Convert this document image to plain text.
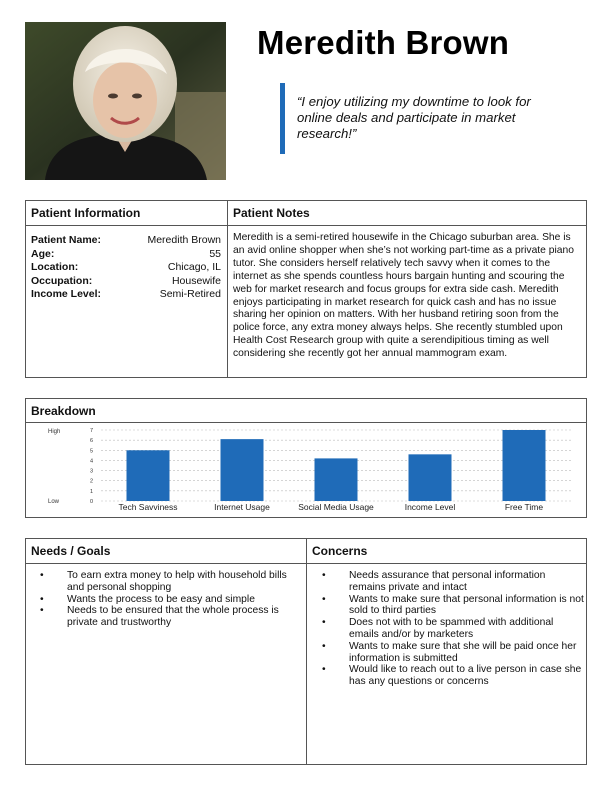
Meredith Brown
“I enjoy utilizing my downtime to look for online deals and participate in market research!”
Patient Information	Patient Notes
Patient Name:	Meredith Brown
Age:	55
Location:	Chicago, IL
Occupation:	Housewife
Income Level:	Semi-Retired
Meredith is a semi-retired housewife in the Chicago suburban area. She is an avid online shopper when she’s not working part-time as a private piano tutor. She considers herself relatively tech savvy when it comes to the internet as she spends countless hours bargain hunting and scouring the web for market research and focus groups for extra side cash. Meredith enjoys participating in market research for quick cash and has no issue sharing her opinion on matters. With her husband retiring soon from the police force, any extra money always helps. She recently stumbled upon Health Cost Research group with quite a serendipitious timing as well considering she recently got her annual mammogram exam.
Breakdown
High
Low	0
1
2
3
4
5
6
7
Tech Savviness	Internet Usage	Social Media Usage	Income Level	Free Time
Needs / Goals	Concerns
• To earn extra money to help with household bills and personal shopping
• Wants the process to be easy and simple
• Needs to be ensured that the whole process is private and trustworthy
• Needs assurance that personal information remains private and intact
• Wants to make sure that personal information is not sold to third parties
• Does not with to be spammed with additional emails and/or by marketers
• Wants to make sure that she will be paid once her information is submitted
• Would like to reach out to a live person in case she has any questions or concerns
